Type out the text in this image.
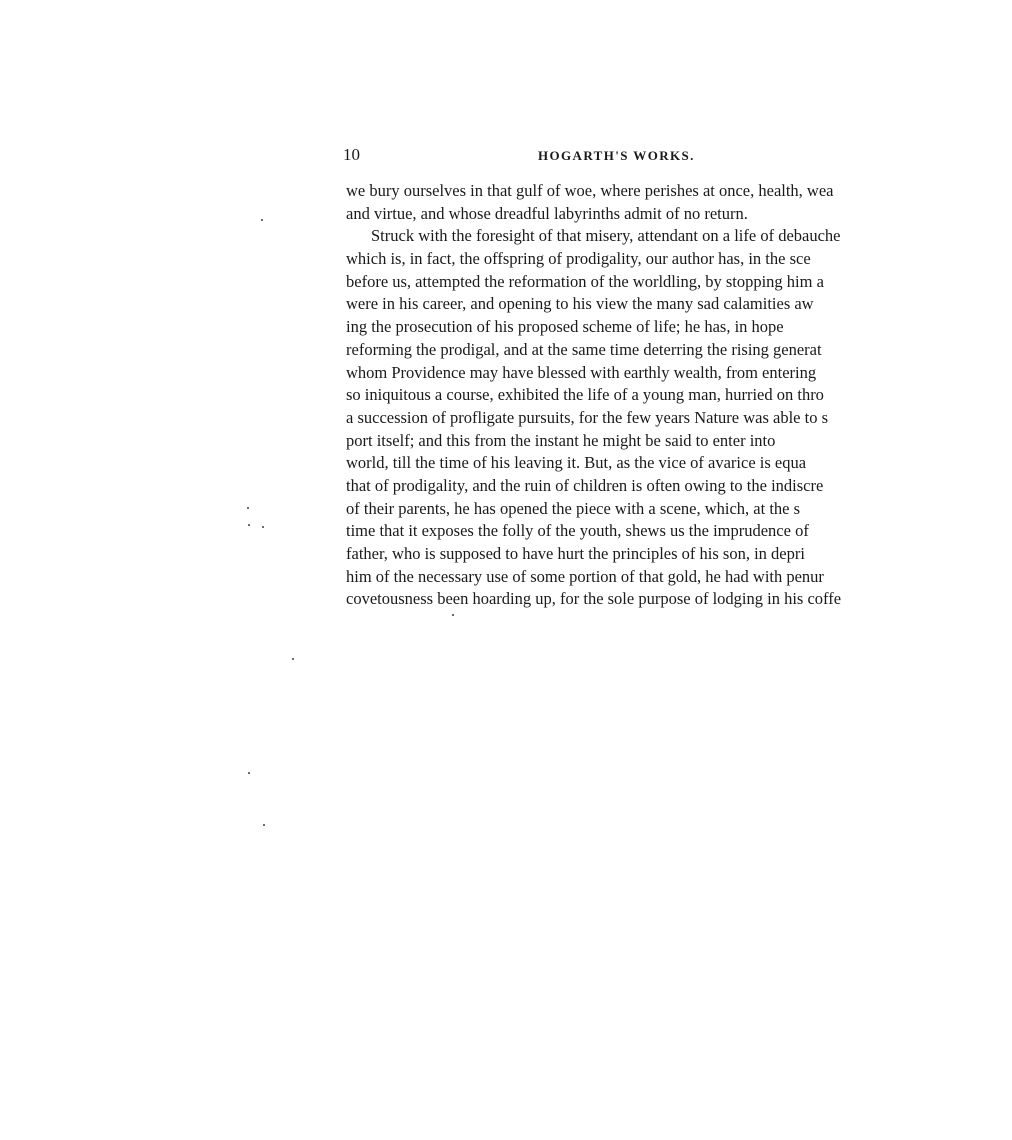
10	HOGARTH'S WORKS.
we bury ourselves in that gulf of woe, where perishes at once, health, wea
and virtue, and whose dreadful labyrinths admit of no return.
Struck with the foresight of that misery, attendant on a life of debauche
which is, in fact, the offspring of prodigality, our author has, in the sce
before us, attempted the reformation of the worldling, by stopping him a
were in his career, and opening to his view the many sad calamities aw
ing the prosecution of his proposed scheme of life; he has, in hope
reforming the prodigal, and at the same time deterring the rising generat
whom Providence may have blessed with earthly wealth, from entering
so iniquitous a course, exhibited the life of a young man, hurried on thro
a succession of profligate pursuits, for the few years Nature was able to s
port itself; and this from the instant he might be said to enter into
world, till the time of his leaving it. But, as the vice of avarice is equa
that of prodigality, and the ruin of children is often owing to the indiscre
of their parents, he has opened the piece with a scene, which, at the s
time that it exposes the folly of the youth, shews us the imprudence of
father, who is supposed to have hurt the principles of his son, in depri
him of the necessary use of some portion of that gold, he had with penur
covetousness been hoarding up, for the sole purpose of lodging in his coffe
